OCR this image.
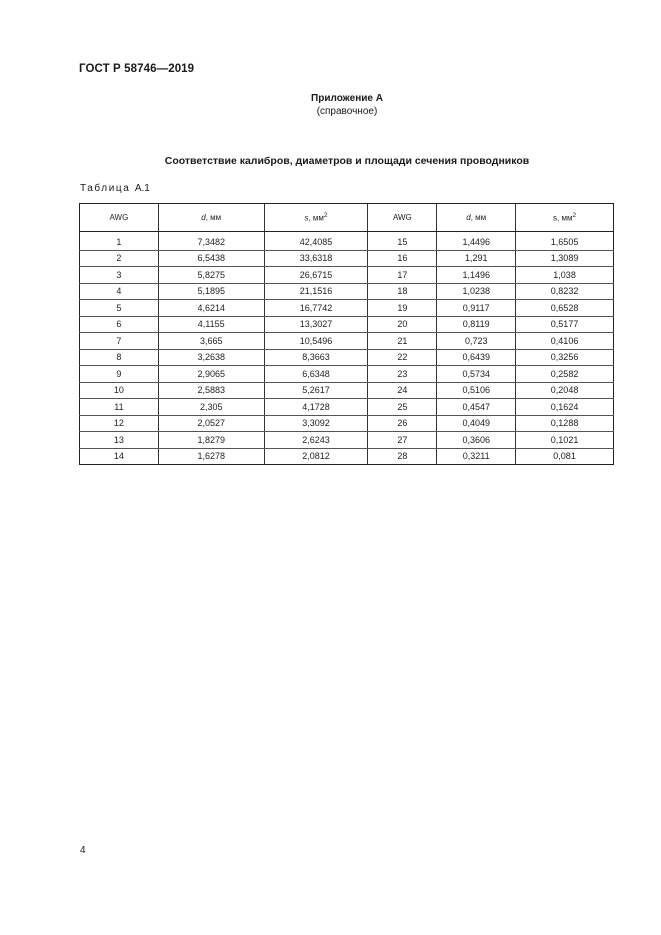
ГОСТ Р 58746—2019
Приложение А
(справочное)
Соответствие калибров, диаметров и площади сечения проводников
Таблица А.1
AWG	d, мм	s, $мм^2$	AWG	d, мм	s, $мм^2$
1	7,3482	42,4085	15	1,4496	1,6505
2	6,5438	33,6318	16	1,291	1,3089
3	5,8275	26,6715	17	1,1496	1,038
4	5,1895	21,1516	18	1,0238	0,8232
5	4,6214	16,7742	19	0,9117	0,6528
6	4,1155	13,3027	20	0,8119	0,5177
7	3,665	10,5496	21	0,723	0,4106
8	3,2638	8,3663	22	0,6439	0,3256
9	2,9065	6,6348	23	0,5734	0,2582
10	2,5883	5,2617	24	0,5106	0,2048
11	2,305	4,1728	25	0,4547	0,1624
12	2,0527	3,3092	26	0,4049	0,1288
13	1,8279	2,6243	27	0,3606	0,1021
14	1,6278	2,0812	28	0,3211	0,081
4
